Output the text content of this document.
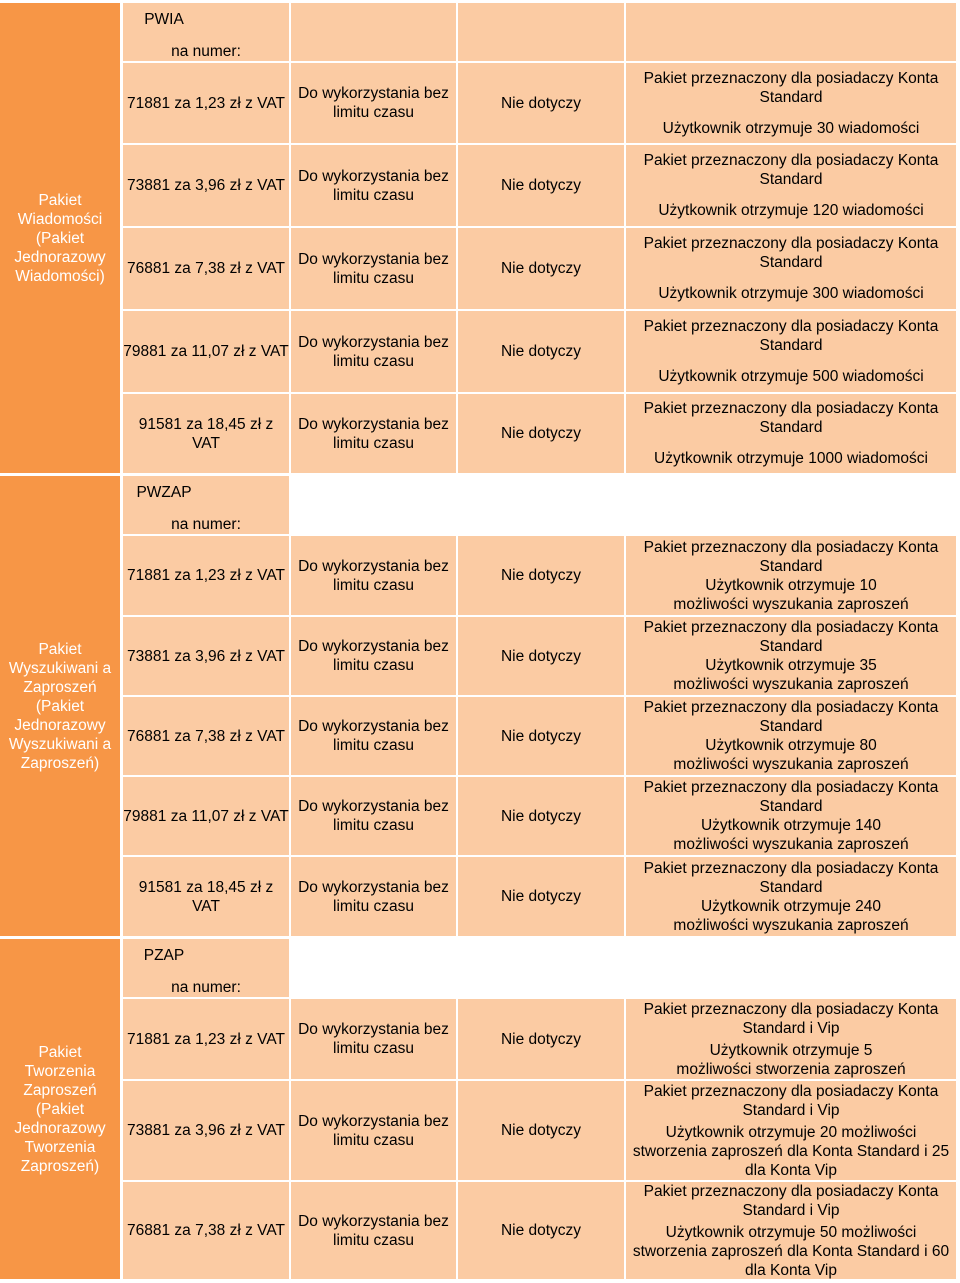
Pakiet Wiadomości (Pakiet Jednorazowy Wiadomości)
PWIA
na numer:
71881 za 1,23 zł z VAT
Do wykorzystania bez limitu czasu
Nie dotyczy
Pakiet przeznaczony dla posiadaczy Konta Standard
Użytkownik otrzymuje 30 wiadomości
73881 za 3,96 zł z VAT
Do wykorzystania bez limitu czasu
Nie dotyczy
Pakiet przeznaczony dla posiadaczy Konta Standard
Użytkownik otrzymuje 120 wiadomości
76881 za 7,38 zł z VAT
Do wykorzystania bez limitu czasu
Nie dotyczy
Pakiet przeznaczony dla posiadaczy Konta Standard
Użytkownik otrzymuje 300 wiadomości
79881 za 11,07 zł z VAT
Do wykorzystania bez limitu czasu
Nie dotyczy
Pakiet przeznaczony dla posiadaczy Konta Standard
Użytkownik otrzymuje 500 wiadomości
91581 za 18,45 zł z VAT
Do wykorzystania bez limitu czasu
Nie dotyczy
Pakiet przeznaczony dla posiadaczy Konta Standard
Użytkownik otrzymuje 1000 wiadomości
Pakiet Wyszukiwani a Zaproszeń (Pakiet Jednorazowy Wyszukiwani a Zaproszeń)
PWZAP
na numer:
71881 za 1,23 zł z VAT
Do wykorzystania bez limitu czasu
Nie dotyczy
Pakiet przeznaczony dla posiadaczy Konta Standard
Użytkownik otrzymuje 10 możliwości wyszukania zaproszeń
73881 za 3,96 zł z VAT
Do wykorzystania bez limitu czasu
Nie dotyczy
Pakiet przeznaczony dla posiadaczy Konta Standard
Użytkownik otrzymuje 35 możliwości wyszukania zaproszeń
76881 za 7,38 zł z VAT
Do wykorzystania bez limitu czasu
Nie dotyczy
Pakiet przeznaczony dla posiadaczy Konta Standard
Użytkownik otrzymuje 80 możliwości wyszukania zaproszeń
79881 za 11,07 zł z VAT
Do wykorzystania bez limitu czasu
Nie dotyczy
Pakiet przeznaczony dla posiadaczy Konta Standard
Użytkownik otrzymuje 140 możliwości wyszukania zaproszeń
91581 za 18,45 zł z VAT
Do wykorzystania bez limitu czasu
Nie dotyczy
Pakiet przeznaczony dla posiadaczy Konta Standard
Użytkownik otrzymuje 240 możliwości wyszukania zaproszeń
Pakiet Tworzenia Zaproszeń (Pakiet Jednorazowy Tworzenia Zaproszeń)
PZAP
na numer:
71881 za 1,23 zł z VAT
Do wykorzystania bez limitu czasu
Nie dotyczy
Pakiet przeznaczony dla posiadaczy Konta Standard i Vip
Użytkownik otrzymuje 5 możliwości stworzenia zaproszeń
73881 za 3,96 zł z VAT
Do wykorzystania bez limitu czasu
Nie dotyczy
Pakiet przeznaczony dla posiadaczy Konta Standard i Vip
Użytkownik otrzymuje 20 możliwości stworzenia zaproszeń dla Konta Standard i 25 dla Konta Vip
76881 za 7,38 zł z VAT
Do wykorzystania bez limitu czasu
Nie dotyczy
Pakiet przeznaczony dla posiadaczy Konta Standard i Vip
Użytkownik otrzymuje 50 możliwości stworzenia zaproszeń dla Konta Standard i 60 dla Konta Vip
